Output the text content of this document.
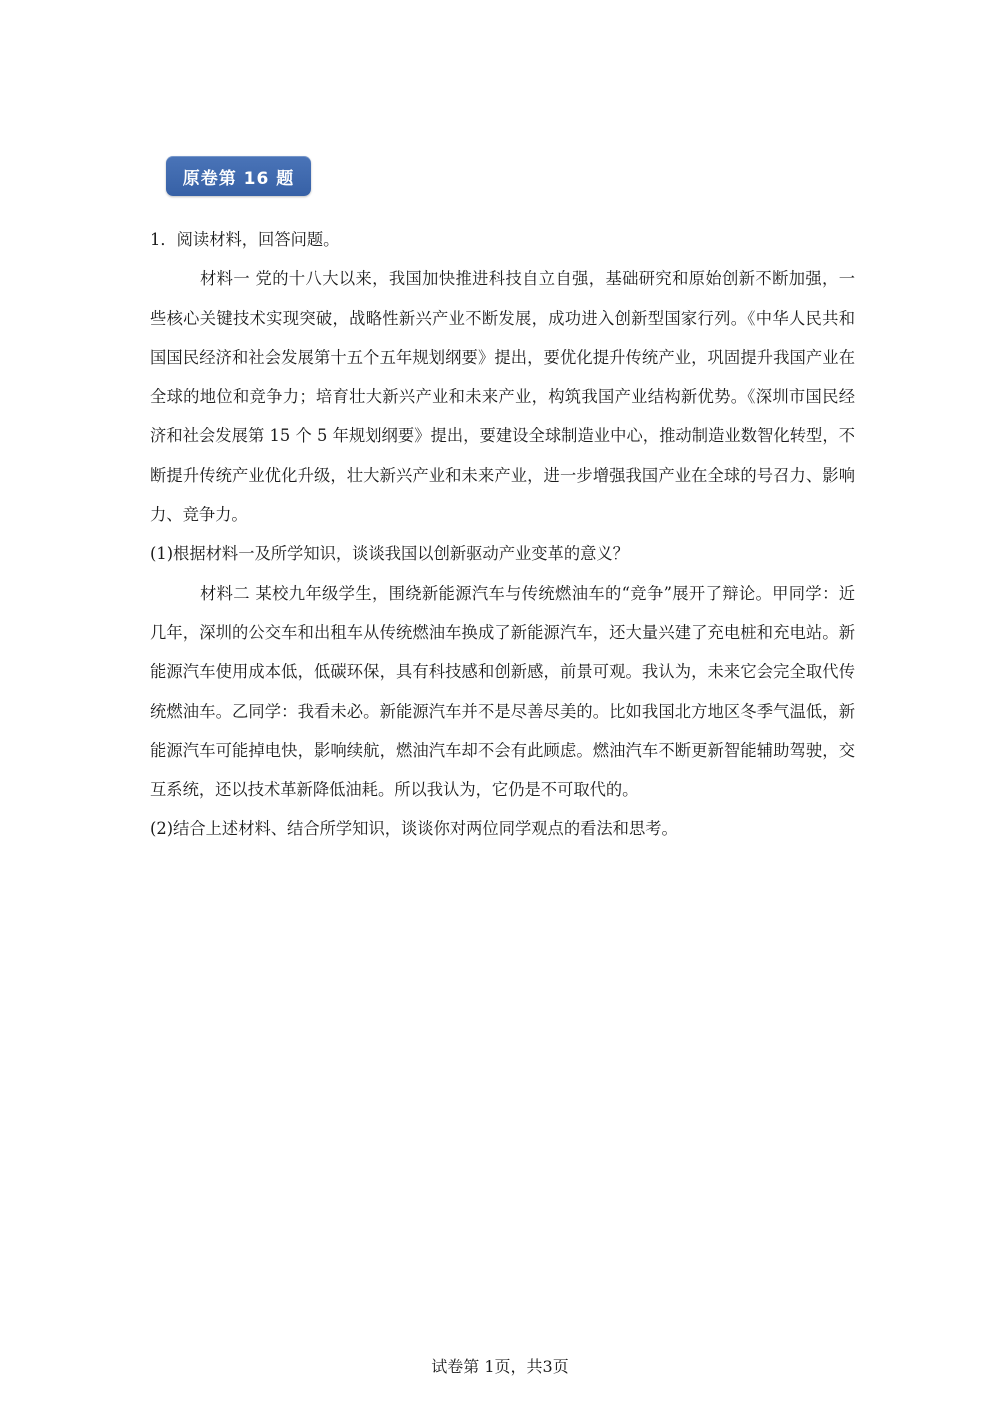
原卷第 16 题

1．阅读材料，回答问题。

材料一 党的十八大以来，我国加快推进科技自立自强，基础研究和原始创新不断加强，一些核心关键技术实现突破，战略性新兴产业不断发展，成功进入创新型国家行列。《中华人民共和国国民经济和社会发展第十五个五年规划纲要》提出，要优化提升传统产业，巩固提升我国产业在全球的地位和竞争力；培育壮大新兴产业和未来产业，构筑我国产业结构新优势。《深圳市国民经济和社会发展第 15 个 5 年规划纲要》提出，要建设全球制造业中心，推动制造业数智化转型，不断提升传统产业优化升级，壮大新兴产业和未来产业，进一步增强我国产业在全球的号召力、影响力、竞争力。

(1)根据材料一及所学知识，谈谈我国以创新驱动产业变革的意义？

材料二 某校九年级学生，围绕新能源汽车与传统燃油车的“竞争”展开了辩论。甲同学：近几年，深圳的公交车和出租车从传统燃油车换成了新能源汽车，还大量兴建了充电桩和充电站。新能源汽车使用成本低，低碳环保，具有科技感和创新感，前景可观。我认为，未来它会完全取代传统燃油车。乙同学：我看未必。新能源汽车并不是尽善尽美的。比如我国北方地区冬季气温低，新能源汽车可能掉电快，影响续航，燃油汽车却不会有此顾虑。燃油汽车不断更新智能辅助驾驶，交互系统，还以技术革新降低油耗。所以我认为，它仍是不可取代的。

(2)结合上述材料、结合所学知识，谈谈你对两位同学观点的看法和思考。

试卷第 1页，共3页
